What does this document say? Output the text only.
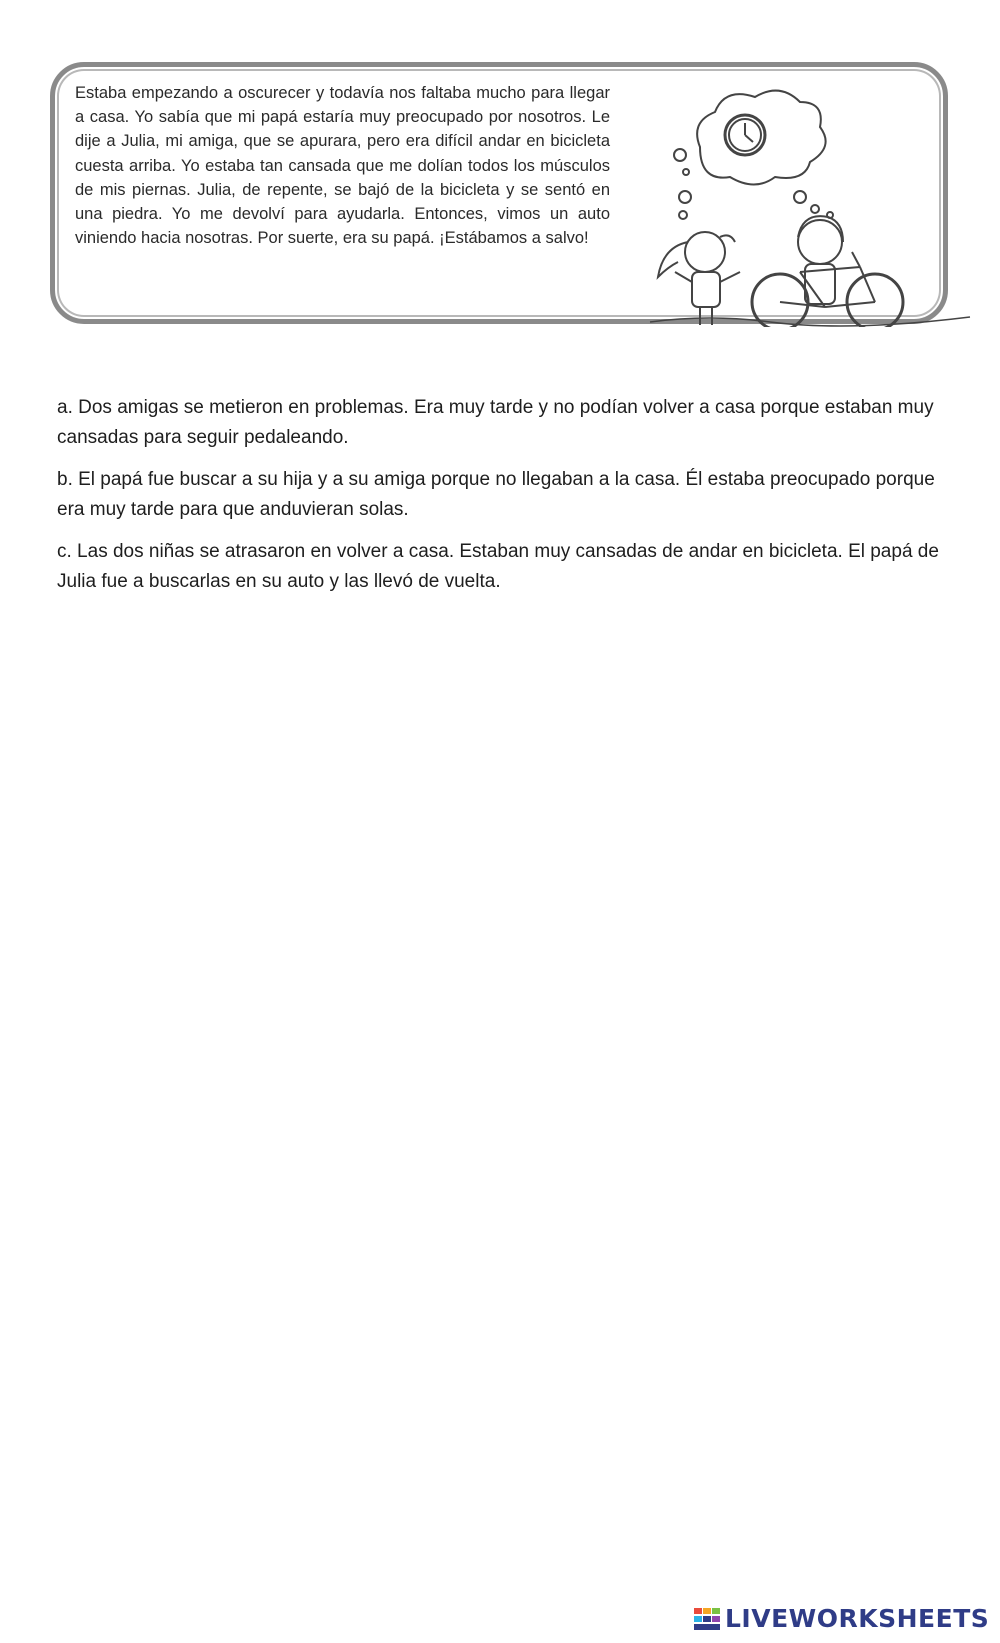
Estaba empezando a oscurecer y todavía nos faltaba mucho para llegar a casa. Yo sabía que mi papá estaría muy preocupado por nosotros. Le dije a Julia, mi amiga, que se apurara, pero era difícil andar en bicicleta cuesta arriba. Yo estaba tan cansada que me dolían todos los músculos de mis piernas. Julia, de repente, se bajó de la bicicleta y se sentó en una piedra. Yo me devolví para ayudarla. Entonces, vimos un auto viniendo hacia nosotras. Por suerte, era su papá. ¡Estábamos a salvo!

a. Dos amigas se metieron en problemas. Era muy tarde y no podían volver a casa porque estaban muy cansadas para seguir pedaleando.

b. El papá fue buscar a su hija y a su amiga porque no llegaban a la casa. Él estaba preocupado porque era muy tarde para que anduvieran solas.

c. Las dos niñas se atrasaron en volver a casa. Estaban muy cansadas de andar en bicicleta. El papá de Julia fue a buscarlas en su auto y las llevó de vuelta.

LIVEWORKSHEETS
